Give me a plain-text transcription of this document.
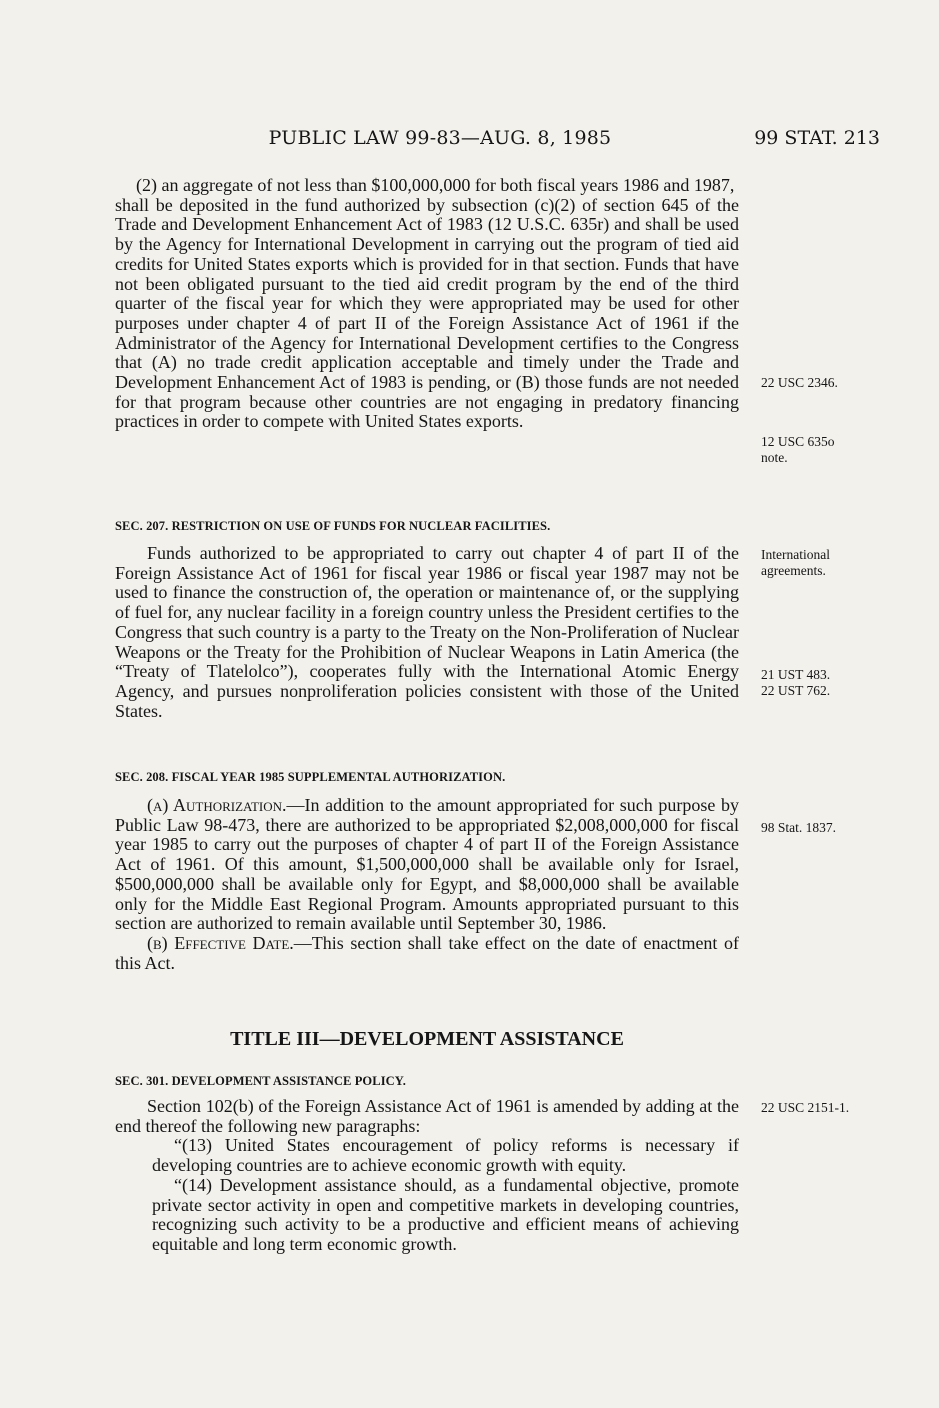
PUBLIC LAW 99-83—AUG. 8, 1985	99 STAT. 213

(2) an aggregate of not less than $100,000,000 for both fiscal years 1986 and 1987,

shall be deposited in the fund authorized by subsection (c)(2) of section 645 of the Trade and Development Enhancement Act of 1983 (12 U.S.C. 635r) and shall be used by the Agency for International Development in carrying out the program of tied aid credits for United States exports which is provided for in that section. Funds that have not been obligated pursuant to the tied aid credit program by the end of the third quarter of the fiscal year for which they were appropriated may be used for other purposes under chapter 4 of part II of the Foreign Assistance Act of 1961 if the Administrator of the Agency for International Development certifies to the Congress that (A) no trade credit application acceptable and timely under the Trade and Development Enhancement Act of 1983 is pending, or (B) those funds are not needed for that program because other countries are not engaging in predatory financing practices in order to compete with United States exports.

SEC. 207. RESTRICTION ON USE OF FUNDS FOR NUCLEAR FACILITIES.

Funds authorized to be appropriated to carry out chapter 4 of part II of the Foreign Assistance Act of 1961 for fiscal year 1986 or fiscal year 1987 may not be used to finance the construction of, the operation or maintenance of, or the supplying of fuel for, any nuclear facility in a foreign country unless the President certifies to the Congress that such country is a party to the Treaty on the Non-Proliferation of Nuclear Weapons or the Treaty for the Prohibition of Nuclear Weapons in Latin America (the “Treaty of Tlatelolco”), cooperates fully with the International Atomic Energy Agency, and pursues nonproliferation policies consistent with those of the United States.

SEC. 208. FISCAL YEAR 1985 SUPPLEMENTAL AUTHORIZATION.

(a) Authorization.—In addition to the amount appropriated for such purpose by Public Law 98-473, there are authorized to be appropriated $2,008,000,000 for fiscal year 1985 to carry out the purposes of chapter 4 of part II of the Foreign Assistance Act of 1961. Of this amount, $1,500,000,000 shall be available only for Israel, $500,000,000 shall be available only for Egypt, and $8,000,000 shall be available only for the Middle East Regional Program. Amounts appropriated pursuant to this section are authorized to remain available until September 30, 1986.

(b) Effective Date.—This section shall take effect on the date of enactment of this Act.

TITLE III—DEVELOPMENT ASSISTANCE

SEC. 301. DEVELOPMENT ASSISTANCE POLICY.

Section 102(b) of the Foreign Assistance Act of 1961 is amended by adding at the end thereof the following new paragraphs:

“(13) United States encouragement of policy reforms is necessary if developing countries are to achieve economic growth with equity.

“(14) Development assistance should, as a fundamental objective, promote private sector activity in open and competitive markets in developing countries, recognizing such activity to be a productive and efficient means of achieving equitable and long term economic growth.

22 USC 2346.
12 USC 635o
note.
International
agreements.
21 UST 483.
22 UST 762.
98 Stat. 1837.
22 USC 2151-1.
